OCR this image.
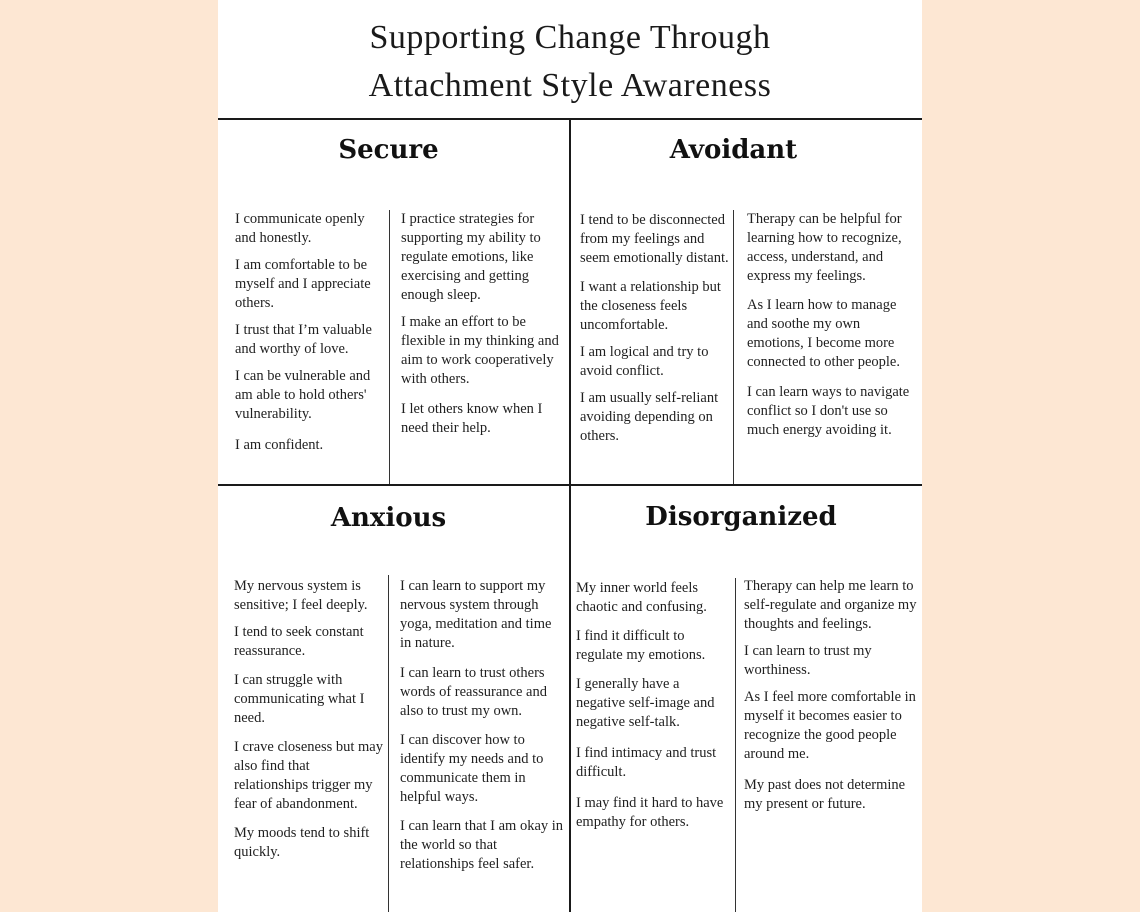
Supporting Change Through
Attachment Style Awareness
Secure

I communicate openly and honestly.

I am comfortable to be myself and I appreciate others.

I trust that I’m valuable and worthy of love.

I can be vulnerable and am able to hold others' vulnerability.

I am confident.

I practice strategies for supporting my ability to regulate emotions, like exercising and getting enough sleep.

I make an effort to be flexible in my thinking and aim to work cooperatively with others.

I let others know when I need their help.

Avoidant

I tend to be disconnected from my feelings and seem emotionally distant.

I want a relationship but the closeness feels uncomfortable.

I am logical and try to avoid conflict.

I am usually self-reliant avoiding depending on others.

Therapy can be helpful for learning how to recognize, access, understand, and express my feelings.

As I learn how to manage and soothe my own emotions, I become more connected to other people.

I can learn ways to navigate conflict so I don't use so much energy avoiding it.

Anxious

My nervous system is sensitive; I feel deeply.

I tend to seek constant reassurance.

I can struggle with communicating what I need.

I crave closeness but may also find that relationships trigger my fear of abandonment.

My moods tend to shift quickly.

I can learn to support my nervous system through yoga, meditation and time in nature.

I can learn to trust others words of reassurance and also to trust my own.

I can discover how to identify my needs and to communicate them in helpful ways.

I can learn that I am okay in the world so that relationships feel safer.

Disorganized

My inner world feels chaotic and confusing.

I find it difficult to regulate my emotions.

I generally have a negative self-image and negative self-talk.

I find intimacy and trust difficult.

I may find it hard to have empathy for others.

Therapy can help me learn to self-regulate and organize my thoughts and feelings.

I can learn to trust my worthiness.

As I feel more comfortable in myself it becomes easier to recognize the good people around me.

My past does not determine my present or future.
